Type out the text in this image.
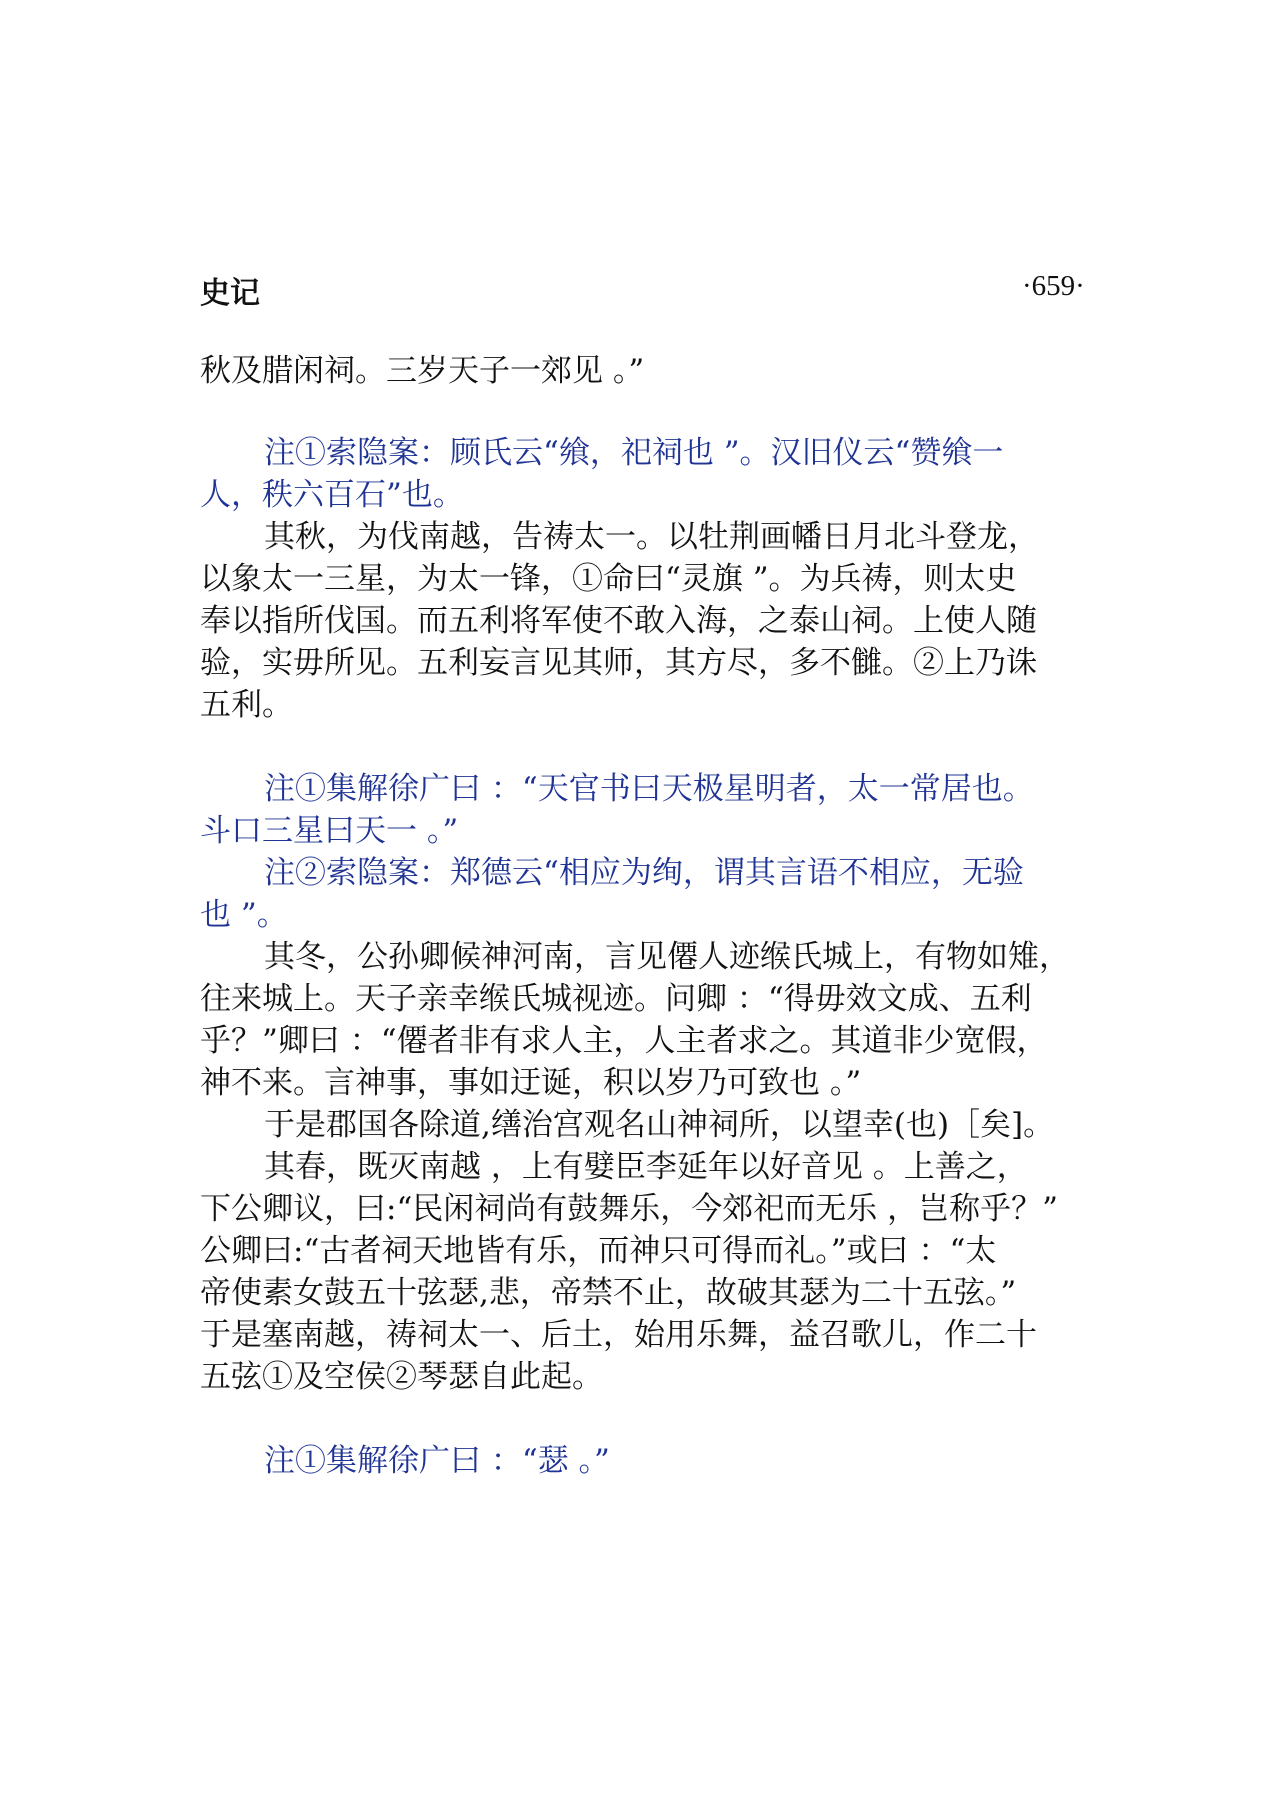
史记	·659·
秋及腊闲祠。三岁天子一郊见 。”
注①索隐案：顾氏云“飨，祀祠也 ”。汉旧仪云“赞飨一
人，秩六百石”也。
其秋，为伐南越，告祷太一。以牡荆画幡日月北斗登龙，
以象太一三星，为太一锋，①命曰“灵旗 ”。为兵祷，则太史
奉以指所伐国。而五利将军使不敢入海，之泰山祠。上使人随
验，实毋所见。五利妄言见其师，其方尽，多不雠。②上乃诛
五利。
注①集解徐广曰 ：“天官书曰天极星明者，太一常居也。
斗口三星曰天一 。”
注②索隐案：郑德云“相应为绚，谓其言语不相应，无验
也 ”。
其冬，公孙卿候神河南，言见僊人迹缑氏城上，有物如雉，
往来城上。天子亲幸缑氏城视迹。问卿 ：“得毋效文成、五利
乎？”卿曰 ：“僊者非有求人主，人主者求之。其道非少宽假，
神不来。言神事，事如迂诞，积以岁乃可致也 。”
于是郡国各除道,缮治宫观名山神祠所，以望幸(也)［矣]。
其春，既灭南越 ，上有嬖臣李延年以好音见 。上善之，
下公卿议，曰:“民闲祠尚有鼓舞乐，今郊祀而无乐 ，岂称乎？”
公卿曰:“古者祠天地皆有乐，而神只可得而礼。”或曰 ：“太
帝使素女鼓五十弦瑟,悲，帝禁不止，故破其瑟为二十五弦。”
于是塞南越，祷祠太一、后土，始用乐舞，益召歌儿，作二十
五弦①及空侯②琴瑟自此起。
注①集解徐广曰 ：“瑟 。”
